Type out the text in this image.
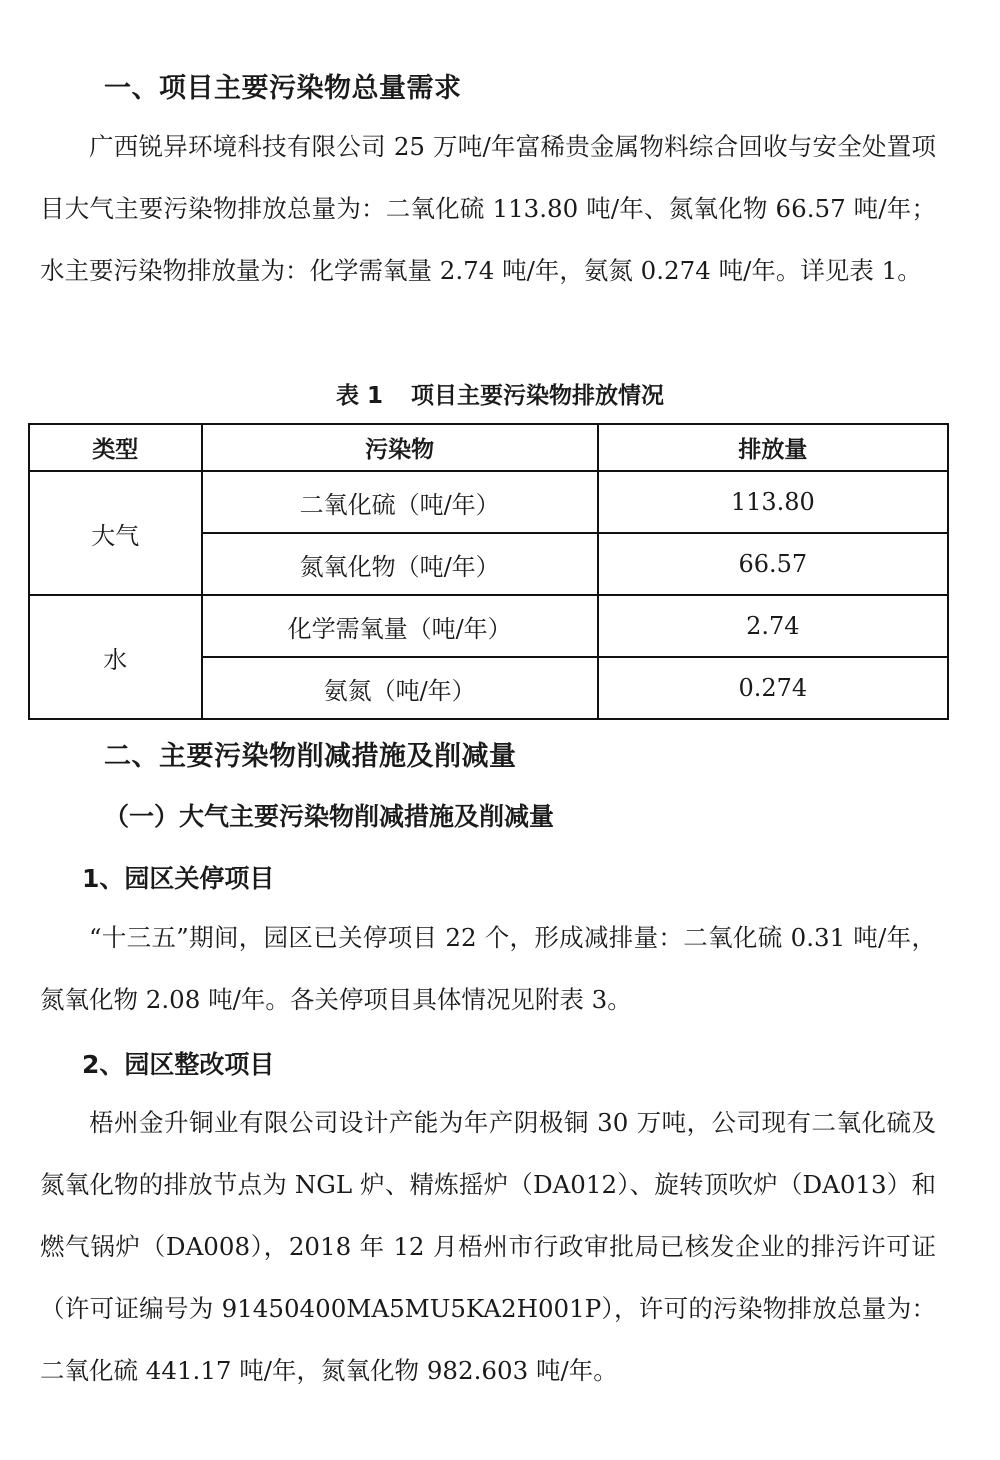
一、项目主要污染物总量需求

广西锐异环境科技有限公司 25 万吨/年富稀贵金属物料综合回收与安全处置项目大气主要污染物排放总量为：二氧化硫 113.80 吨/年、氮氧化物 66.57 吨/年；水主要污染物排放量为：化学需氧量 2.74 吨/年，氨氮 0.274 吨/年。详见表 1。

表 1 项目主要污染物排放情况
类型	污染物	排放量
大气	二氧化硫（吨/年）	113.80
	氮氧化物（吨/年）	66.57
水	化学需氧量（吨/年）	2.74
	氨氮（吨/年）	0.274
二、主要污染物削减措施及削减量
（一）大气主要污染物削减措施及削减量
1、园区关停项目

“十三五”期间，园区已关停项目 22 个，形成减排量：二氧化硫 0.31 吨/年，氮氧化物 2.08 吨/年。各关停项目具体情况见附表 3。

2、园区整改项目

梧州金升铜业有限公司设计产能为年产阴极铜 30 万吨，公司现有二氧化硫及氮氧化物的排放节点为 NGL 炉、精炼摇炉（DA012）、旋转顶吹炉（DA013）和燃气锅炉（DA008），2018 年 12 月梧州市行政审批局已核发企业的排污许可证（许可证编号为 91450400MA5MU5KA2H001P），许可的污染物排放总量为：二氧化硫 441.17 吨/年，氮氧化物 982.603 吨/年。
